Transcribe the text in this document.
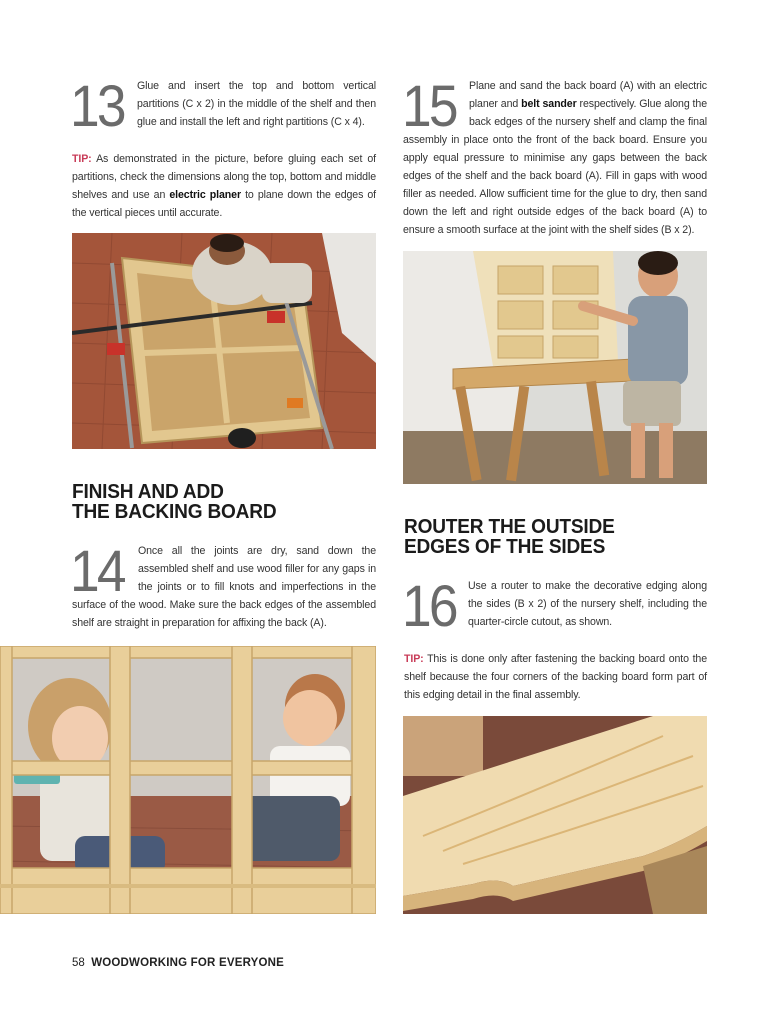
13 Glue and insert the top and bottom vertical partitions (C x 2) in the middle of the shelf and then glue and install the left and right partitions (C x 4).
TIP: As demonstrated in the picture, before gluing each set of partitions, check the dimensions along the top, bottom and middle shelves and use an electric planer to plane down the edges of the vertical pieces until accurate.
FINISH AND ADD
THE BACKING BOARD
14	Once all the joints are dry, sand down the assembled shelf and use wood filler for any gaps in the joints or to fill knots and imperfections in the surface of the wood. Make sure the back edges of the assembled shelf are straight in preparation for affixing the back (A).
15	Plane and sand the back board (A) with an electric planer and belt sander respectively. Glue along the back edges of the nursery shelf and clamp the final assembly in place onto the front of the back board. Ensure you apply equal pressure to minimise any gaps between the back edges of the shelf and the back board (A). Fill in gaps with wood filler as needed. Allow sufficient time for the glue to dry, then sand down the left and right outside edges of the back board (A) to ensure a smooth surface at the joint with the shelf sides (B x 2).
ROUTER THE OUTSIDE
EDGES OF THE SIDES
16 Use a router to make the decorative edging along the sides (B x 2) of the nursery shelf, including the quarter-circle cutout, as shown.
TIP: This is done only after fastening the backing board onto the shelf because the four corners of the backing board form part of this edging detail in the final assembly.
58 WOODWORKING FOR EVERYONE
